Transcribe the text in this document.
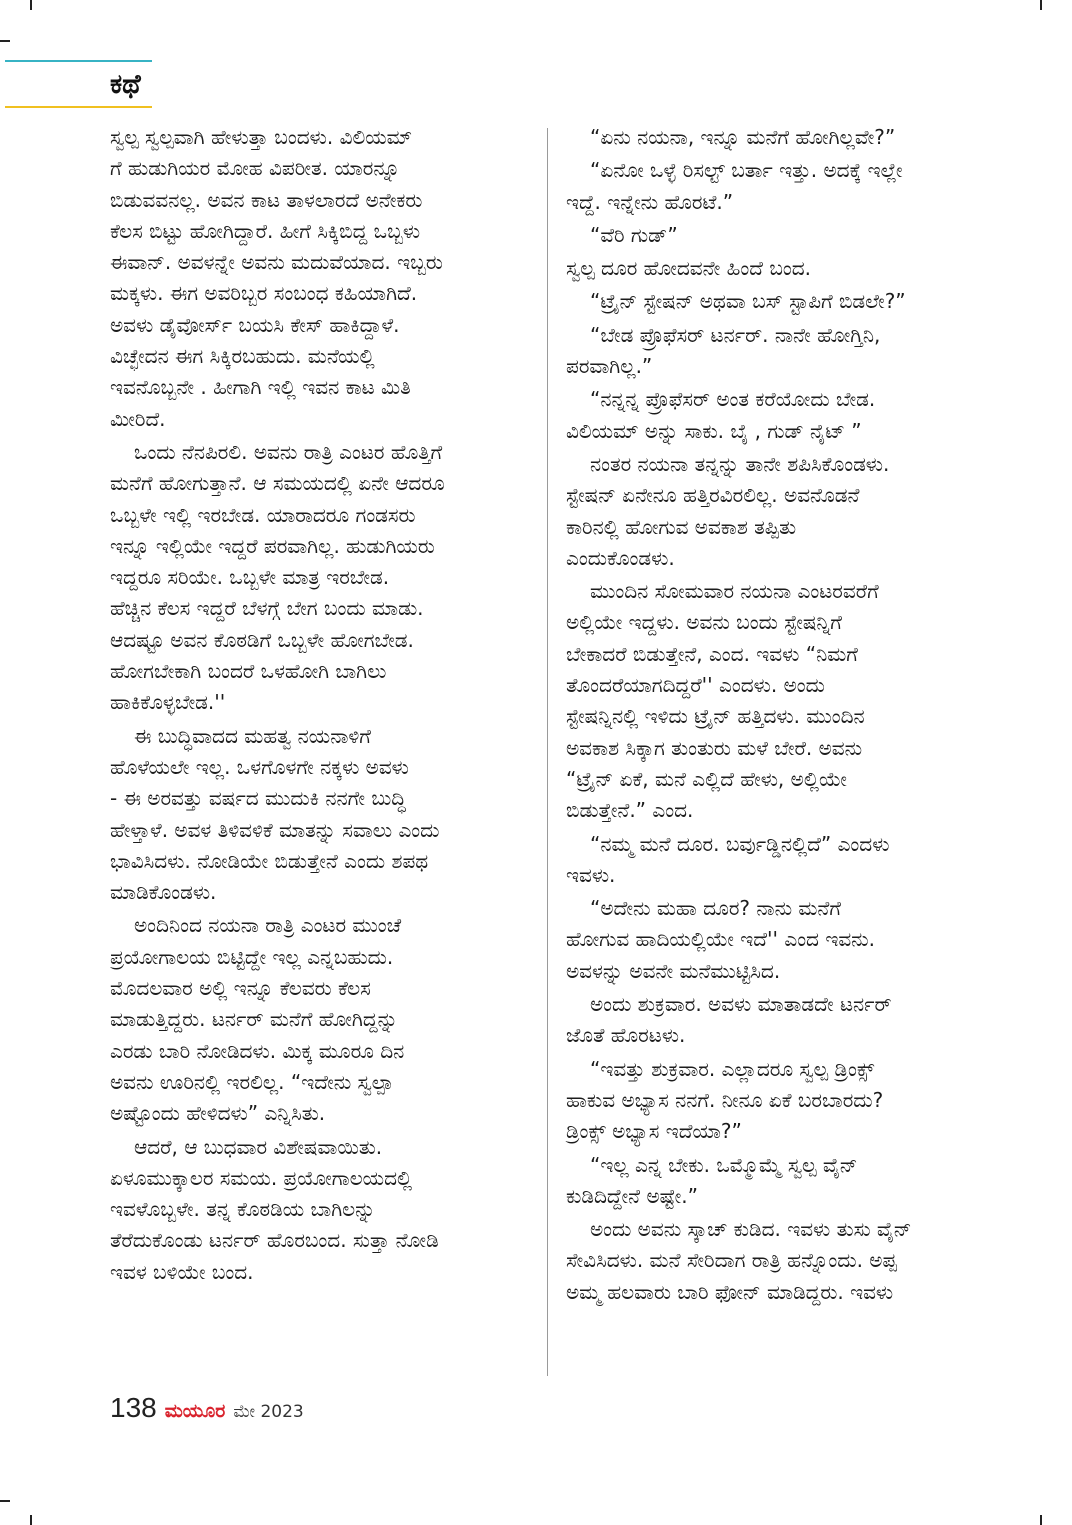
ಕಥೆ

ಸ್ವಲ್ಪ ಸ್ವಲ್ಪವಾಗಿ ಹೇಳುತ್ತಾ ಬಂದಳು. ವಿಲಿಯಮ್
ಗೆ ಹುಡುಗಿಯರ ಮೋಹ ವಿಪರೀತ. ಯಾರನ್ನೂ
ಬಿಡುವವನಲ್ಲ. ಅವನ ಕಾಟ ತಾಳಲಾರದೆ ಅನೇಕರು
ಕೆಲಸ ಬಿಟ್ಟು ಹೋಗಿದ್ದಾರೆ. ಹೀಗೆ ಸಿಕ್ಕಿಬಿದ್ದ ಒಬ್ಬಳು
ಈವಾನ್. ಅವಳನ್ನೇ ಅವನು ಮದುವೆಯಾದ. ಇಬ್ಬರು
ಮಕ್ಕಳು. ಈಗ ಅವರಿಬ್ಬರ ಸಂಬಂಧ ಕಹಿಯಾಗಿದೆ.
ಅವಳು ಡೈವೋರ್ಸ್ ಬಯಸಿ ಕೇಸ್ ಹಾಕಿದ್ದಾಳೆ.
ವಿಚ್ಛೇದನ ಈಗ ಸಿಕ್ಕಿರಬಹುದು. ಮನೆಯಲ್ಲಿ
ಇವನೊಬ್ಬನೇ . ಹೀಗಾಗಿ ಇಲ್ಲಿ ಇವನ ಕಾಟ ಮಿತಿ
ಮೀರಿದೆ.

ಒಂದು ನೆನಪಿರಲಿ. ಅವನು ರಾತ್ರಿ ಎಂಟರ ಹೊತ್ತಿಗೆ
ಮನೆಗೆ ಹೋಗುತ್ತಾನೆ. ಆ ಸಮಯದಲ್ಲಿ ಏನೇ ಆದರೂ
ಒಬ್ಬಳೇ ಇಲ್ಲಿ ಇರಬೇಡ. ಯಾರಾದರೂ ಗಂಡಸರು
ಇನ್ನೂ ಇಲ್ಲಿಯೇ ಇದ್ದರೆ ಪರವಾಗಿಲ್ಲ. ಹುಡುಗಿಯರು
ಇದ್ದರೂ ಸರಿಯೇ. ಒಬ್ಬಳೇ ಮಾತ್ರ ಇರಬೇಡ.
ಹೆಚ್ಚಿನ ಕೆಲಸ ಇದ್ದರೆ ಬೆಳಗ್ಗೆ ಬೇಗ ಬಂದು ಮಾಡು.
ಆದಷ್ಟೂ ಅವನ ಕೊಠಡಿಗೆ ಒಬ್ಬಳೇ ಹೋಗಬೇಡ.
ಹೋಗಬೇಕಾಗಿ ಬಂದರೆ ಒಳಹೋಗಿ ಬಾಗಿಲು
ಹಾಕಿಕೊಳ್ಳಬೇಡ.''

ಈ ಬುದ್ಧಿವಾದದ ಮಹತ್ವ ನಯನಾಳಿಗೆ
ಹೊಳೆಯಲೇ ಇಲ್ಲ. ಒಳಗೊಳಗೇ ನಕ್ಕಳು ಅವಳು
- ಈ ಅರವತ್ತು ವರ್ಷದ ಮುದುಕಿ ನನಗೇ ಬುದ್ಧಿ
ಹೇಳ್ತಾಳೆ. ಅವಳ ತಿಳಿವಳಿಕೆ ಮಾತನ್ನು ಸವಾಲು ಎಂದು
ಭಾವಿಸಿದಳು. ನೋಡಿಯೇ ಬಿಡುತ್ತೇನೆ ಎಂದು ಶಪಥ
ಮಾಡಿಕೊಂಡಳು.

ಅಂದಿನಿಂದ ನಯನಾ ರಾತ್ರಿ ಎಂಟರ ಮುಂಚೆ
ಪ್ರಯೋಗಾಲಯ ಬಿಟ್ಟಿದ್ದೇ ಇಲ್ಲ ಎನ್ನಬಹುದು.
ಮೊದಲವಾರ ಅಲ್ಲಿ ಇನ್ನೂ ಕೆಲವರು ಕೆಲಸ
ಮಾಡುತ್ತಿದ್ದರು. ಟರ್ನರ್ ಮನೆಗೆ ಹೋಗಿದ್ದನ್ನು
ಎರಡು ಬಾರಿ ನೋಡಿದಳು. ಮಿಕ್ಕ ಮೂರೂ ದಿನ
ಅವನು ಊರಿನಲ್ಲಿ ಇರಲಿಲ್ಲ. “ಇದೇನು ಸ್ವಲ್ಪಾ
ಅಷ್ಟೊಂದು ಹೇಳಿದಳು” ಎನ್ನಿಸಿತು.

ಆದರೆ, ಆ ಬುಧವಾರ ವಿಶೇಷವಾಯಿತು.
ಏಳೂಮುಕ್ಕಾಲರ ಸಮಯ. ಪ್ರಯೋಗಾಲಯದಲ್ಲಿ
ಇವಳೊಬ್ಬಳೇ. ತನ್ನ ಕೊಠಡಿಯ ಬಾಗಿಲನ್ನು
ತೆರೆದುಕೊಂಡು ಟರ್ನರ್ ಹೊರಬಂದ. ಸುತ್ತಾ ನೋಡಿ
ಇವಳ ಬಳಿಯೇ ಬಂದ.

“ಏನು ನಯನಾ, ಇನ್ನೂ ಮನೆಗೆ ಹೋಗಿಲ್ಲವೇ?”

“ಏನೋ ಒಳ್ಳೆ ರಿಸಲ್ಟ್ ಬರ್ತಾ ಇತ್ತು. ಅದಕ್ಕೆ ಇಲ್ಲೇ
ಇದ್ದೆ. ಇನ್ನೇನು ಹೊರಟೆ.”

“ವೆರಿ ಗುಡ್”

ಸ್ವಲ್ಪ ದೂರ ಹೋದವನೇ ಹಿಂದೆ ಬಂದ.

“ಟ್ರೈನ್ ಸ್ಟೇಷನ್ ಅಥವಾ ಬಸ್ ಸ್ಟಾಪಿಗೆ ಬಿಡಲೇ?”

“ಬೇಡ ಪ್ರೊಫೆಸರ್ ಟರ್ನರ್. ನಾನೇ ಹೋಗ್ತಿನಿ,
ಪರವಾಗಿಲ್ಲ.”

“ನನ್ನನ್ನ ಪ್ರೊಫೆಸರ್ ಅಂತ ಕರೆಯೋದು ಬೇಡ.
ವಿಲಿಯಮ್ ಅನ್ನು ಸಾಕು. ಬೈ , ಗುಡ್ ನೈಟ್ ”

ನಂತರ ನಯನಾ ತನ್ನನ್ನು ತಾನೇ ಶಪಿಸಿಕೊಂಡಳು.
ಸ್ಟೇಷನ್ ಏನೇನೂ ಹತ್ತಿರವಿರಲಿಲ್ಲ. ಅವನೊಡನೆ
ಕಾರಿನಲ್ಲಿ ಹೋಗುವ ಅವಕಾಶ ತಪ್ಪಿತು
ಎಂದುಕೊಂಡಳು.

ಮುಂದಿನ ಸೋಮವಾರ ನಯನಾ ಎಂಟರವರೆಗೆ
ಅಲ್ಲಿಯೇ ಇದ್ದಳು. ಅವನು ಬಂದು ಸ್ಟೇಷನ್ನಿಗೆ
ಬೇಕಾದರೆ ಬಿಡುತ್ತೇನೆ, ಎಂದ. ಇವಳು “ನಿಮಗೆ
ತೊಂದರೆಯಾಗದಿದ್ದರೆ'' ಎಂದಳು. ಅಂದು
ಸ್ಟೇಷನ್ನಿನಲ್ಲಿ ಇಳಿದು ಟ್ರೈನ್ ಹತ್ತಿದಳು. ಮುಂದಿನ
ಅವಕಾಶ ಸಿಕ್ಕಾಗ ತುಂತುರು ಮಳೆ ಬೇರೆ. ಅವನು
“ಟ್ರೈನ್ ಏಕೆ, ಮನೆ ಎಲ್ಲಿದೆ ಹೇಳು, ಅಲ್ಲಿಯೇ
ಬಿಡುತ್ತೇನೆ.” ಎಂದ.

“ನಮ್ಮ ಮನೆ ದೂರ. ಬರ್ವುಡ್ಡಿನಲ್ಲಿದೆ” ಎಂದಳು
ಇವಳು.

“ಅದೇನು ಮಹಾ ದೂರ? ನಾನು ಮನೆಗೆ
ಹೋಗುವ ಹಾದಿಯಲ್ಲಿಯೇ ಇದೆ'' ಎಂದ ಇವನು.
ಅವಳನ್ನು ಅವನೇ ಮನೆಮುಟ್ಟಿಸಿದ.

ಅಂದು ಶುಕ್ರವಾರ. ಅವಳು ಮಾತಾಡದೇ ಟರ್ನರ್
ಜೊತೆ ಹೊರಟಳು.

“ಇವತ್ತು ಶುಕ್ರವಾರ. ಎಲ್ಲಾದರೂ ಸ್ವಲ್ಪ ಡ್ರಿಂಕ್ಸ್
ಹಾಕುವ ಅಭ್ಯಾಸ ನನಗೆ. ನೀನೂ ಏಕೆ ಬರಬಾರದು?
ಡ್ರಿಂಕ್ಸ್ ಅಭ್ಯಾಸ ಇದೆಯಾ?”

“ಇಲ್ಲ ಎನ್ನ ಬೇಕು. ಒಮ್ಮೊಮ್ಮೆ ಸ್ವಲ್ಪ ವೈನ್
ಕುಡಿದಿದ್ದೇನೆ ಅಷ್ಟೇ.”

ಅಂದು ಅವನು ಸ್ಕಾಚ್ ಕುಡಿದ. ಇವಳು ತುಸು ವೈನ್
ಸೇವಿಸಿದಳು. ಮನೆ ಸೇರಿದಾಗ ರಾತ್ರಿ ಹನ್ನೊಂದು. ಅಪ್ಪ
ಅಮ್ಮ ಹಲವಾರು ಬಾರಿ ಫೋನ್ ಮಾಡಿದ್ದರು. ಇವಳು

138 ಮಯೂರ ಮೇ 2023
